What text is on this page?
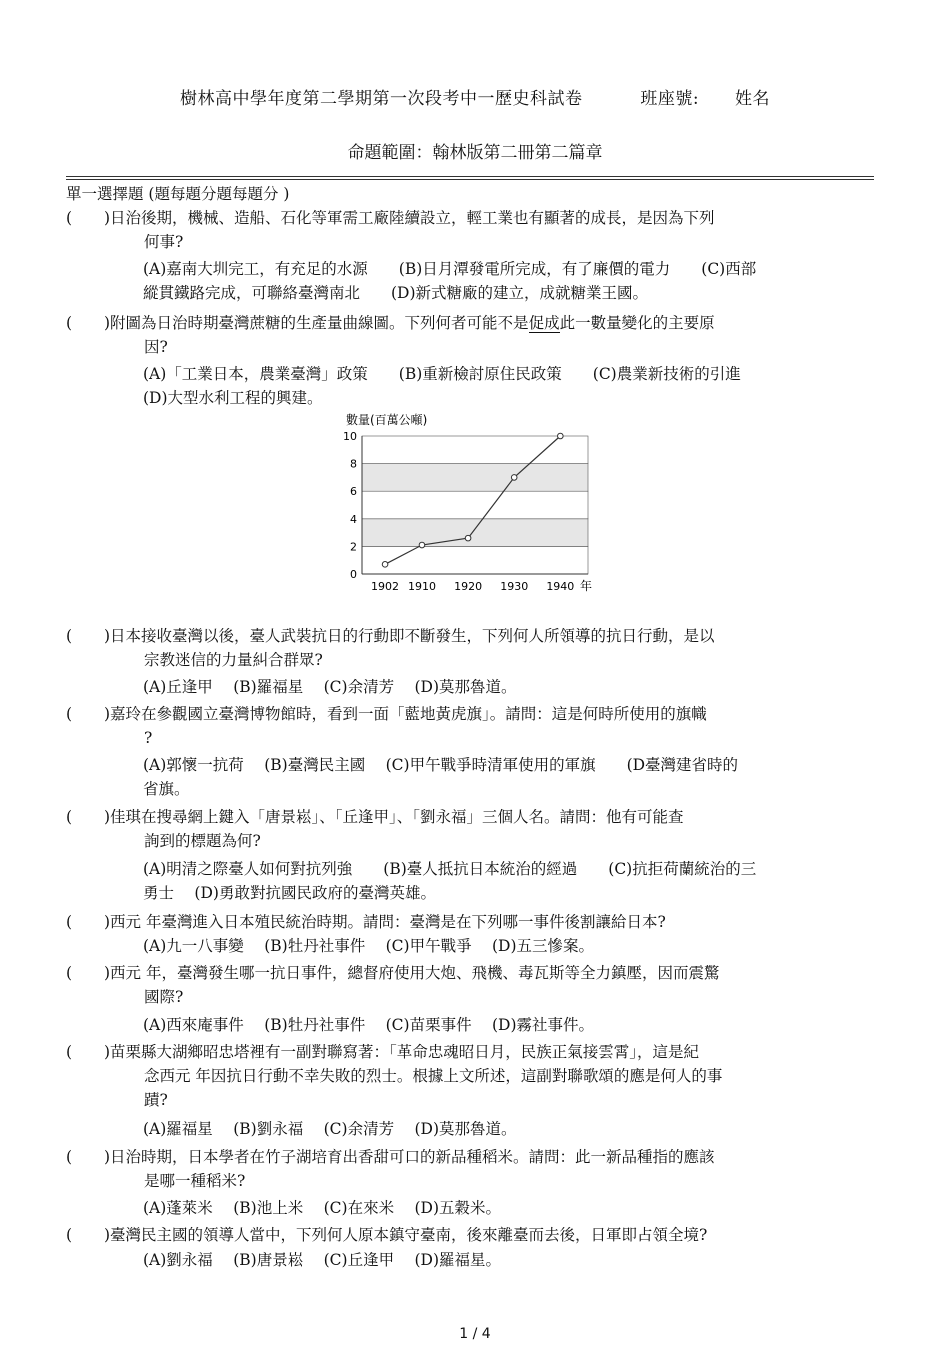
樹林高中學年度第二學期第一次段考中一歷史科試卷	班座號: 姓名
命題範圍：翰林版第二冊第二篇章
單一選擇題 (題每題分題每題分 )
( )日治後期，機械、造船、石化等軍需工廠陸續設立，輕工業也有顯著的成長，是因為下列
何事?
(A)嘉南大圳完工，有充足的水源　　(B)日月潭發電所完成，有了廉價的電力　　(C)西部
縱貫鐵路完成，可聯絡臺灣南北　　(D)新式糖廠的建立，成就糖業王國。
( )附圖為日治時期臺灣蔗糖的生產量曲線圖。下列何者可能不是促成此一數量變化的主要原
因?
(A)「工業日本，農業臺灣」政策　　(B)重新檢討原住民政策　　(C)農業新技術的引進
(D)大型水利工程的興建。
數量(百萬公噸)
0
2
4
6
8
10
1902 1910 1920 1930 1940 年
( )日本接收臺灣以後，臺人武裝抗日的行動即不斷發生，下列何人所領導的抗日行動，是以
宗教迷信的力量糾合群眾?
(A)丘逢甲　 (B)羅福星　 (C)余清芳　 (D)莫那魯道。
( )嘉玲在參觀國立臺灣博物館時，看到一面「藍地黃虎旗」。請問：這是何時所使用的旗幟
?
(A)郭懷一抗荷　 (B)臺灣民主國　 (C)甲午戰爭時清軍使用的軍旗　　(D臺灣建省時的
省旗。
( )佳琪在搜尋網上鍵入「唐景崧」、「丘逢甲」、「劉永福」三個人名。請問：他有可能查
詢到的標題為何?
(A)明清之際臺人如何對抗列強　　(B)臺人抵抗日本統治的經過　　(C)抗拒荷蘭統治的三
勇士　 (D)勇敢對抗國民政府的臺灣英雄。
( )西元 年臺灣進入日本殖民統治時期。請問：臺灣是在下列哪一事件後割讓給日本?
(A)九一八事變　 (B)牡丹社事件　 (C)甲午戰爭　 (D)五三慘案。
( )西元 年，臺灣發生哪一抗日事件，總督府使用大炮、飛機、毒瓦斯等全力鎮壓，因而震驚
國際?
(A)西來庵事件　 (B)牡丹社事件　 (C)苗栗事件　 (D)霧社事件。
( )苗栗縣大湖鄉昭忠塔裡有一副對聯寫著：「革命忠魂昭日月，民族正氣接雲霄」，這是紀
念西元 年因抗日行動不幸失敗的烈士。根據上文所述，這副對聯歌頌的應是何人的事
蹟?
(A)羅福星　 (B)劉永福　 (C)余清芳　 (D)莫那魯道。
( )日治時期，日本學者在竹子湖培育出香甜可口的新品種稻米。請問：此一新品種指的應該
是哪一種稻米?
(A)蓬萊米　 (B)池上米　 (C)在來米　 (D)五穀米。
( )臺灣民主國的領導人當中，下列何人原本鎮守臺南，後來離臺而去後，日軍即占領全境?
(A)劉永福　 (B)唐景崧　 (C)丘逢甲　 (D)羅福星。
1 / 4
